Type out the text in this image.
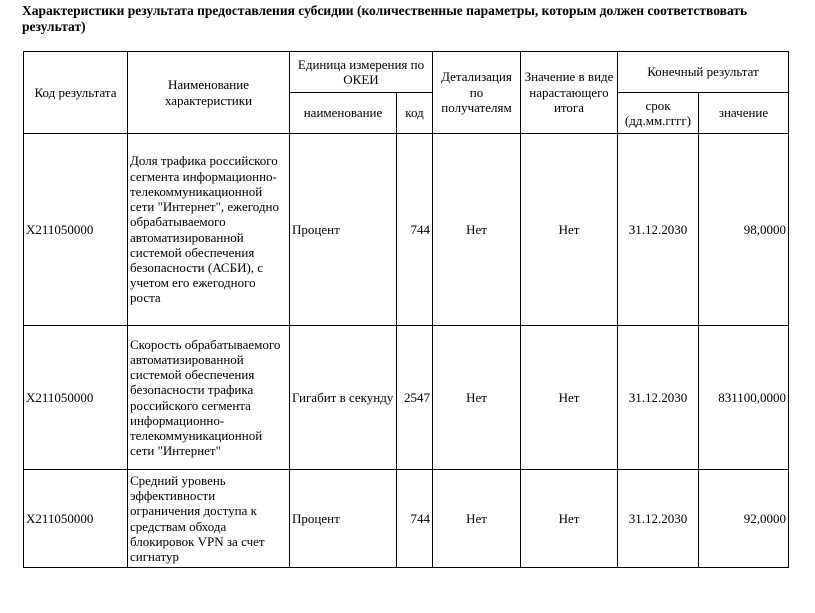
Характеристики результата предоставления субсидии (количественные параметры, которым должен соответствовать результат)
Код результата	Наименование характеристики	Единица измерения по ОКЕИ		Детализация по получателям	Значение в виде нарастающего итога	Конечный результат	
		наименование	код			срок (дд.мм.гггг)	значение
X211050000	Доля трафика российского сегмента информационно-телекоммуникационной сети "Интернет", ежегодно обрабатываемого автоматизированной системой обеспечения безопасности (АСБИ), с учетом его ежегодного роста	Процент	744	Нет	Нет	31.12.2030	98,0000
X211050000	Скорость обрабатываемого автоматизированной системой обеспечения безопасности трафика российского сегмента информационно-телекоммуникационной сети "Интернет"	Гигабит в секунду	2547	Нет	Нет	31.12.2030	831100,0000
X211050000	Средний уровень эффективности ограничения доступа к средствам обхода блокировок VPN за счет сигнатур	Процент	744	Нет	Нет	31.12.2030	92,0000
